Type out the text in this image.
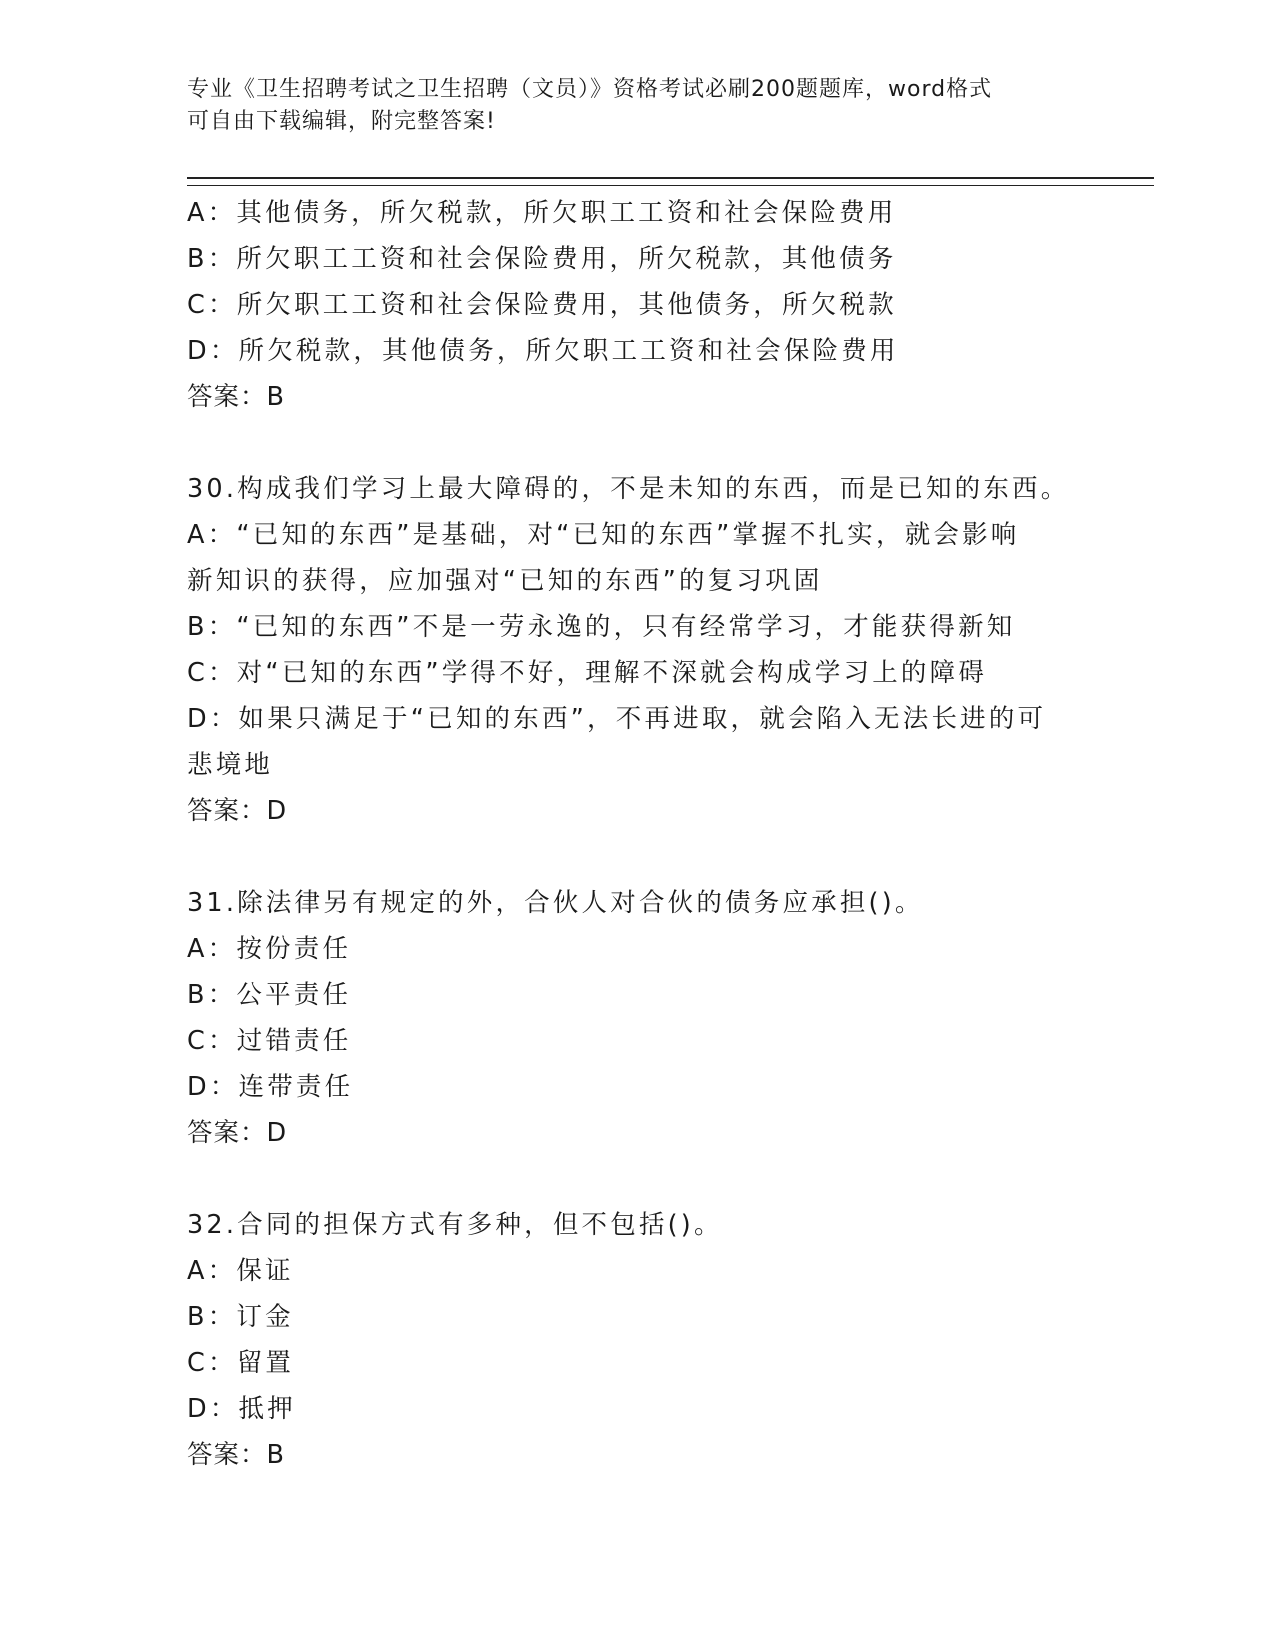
专业《卫生招聘考试之卫生招聘（文员）》资格考试必刷200题题库，word格式
可自由下载编辑，附完整答案!

A：其他债务，所欠税款，所欠职工工资和社会保险费用

B：所欠职工工资和社会保险费用，所欠税款，其他债务

C：所欠职工工资和社会保险费用，其他债务，所欠税款

D：所欠税款，其他债务，所欠职工工资和社会保险费用

答案：B

30.构成我们学习上最大障碍的，不是未知的东西，而是已知的东西。

A：“已知的东西”是基础，对“已知的东西”掌握不扎实，就会影响

新知识的获得，应加强对“已知的东西”的复习巩固

B：“已知的东西”不是一劳永逸的，只有经常学习，才能获得新知

C：对“已知的东西”学得不好，理解不深就会构成学习上的障碍

D：如果只满足于“已知的东西”，不再进取，就会陷入无法长进的可

悲境地

答案：D

31.除法律另有规定的外，合伙人对合伙的债务应承担()。

A：按份责任

B：公平责任

C：过错责任

D：连带责任

答案：D

32.合同的担保方式有多种，但不包括()。

A：保证

B：订金

C：留置

D：抵押

答案：B
